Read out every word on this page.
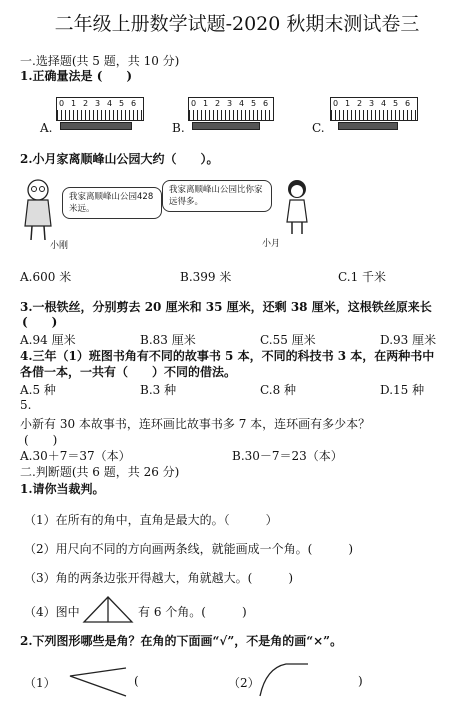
二年级上册数学试题-2020 秋期末测试卷三
一.选择题(共 5 题，共 10 分)
1.正确量法是 (　　)
A.
0 1 2 3 4 5 6
B.
0 1 2 3 4 5 6
C.
0 1 2 3 4 5 6
2.小月家离顺峰山公园大约（　　）。
我家离顺峰山公园428 米远。
小刚
我家离顺峰山公园比你家远得多。
小月
A.600 米	B.399 米	C.1 千米
3.一根铁丝，分别剪去 20 厘米和 35 厘米，还剩 38 厘米，这根铁丝原来长
(　　)
A.94 厘米	B.83 厘米	C.55 厘米	D.93 厘米
4.三年（1）班图书角有不同的故事书 5 本，不同的科技书 3 本，在两种书中
各借一本，一共有（　　）不同的借法。
A.5 种	B.3 种	C.8 种	D.15 种
5.
小新有 30 本故事书，连环画比故事书多 7 本，连环画有多少本？
(　　)
A.30＋7＝37（本）	B.30－7＝23（本）
二.判断题(共 6 题，共 26 分)
1.请你当裁判。
（1）在所有的角中，直角是最大的。（　　　）
（2）用尺向不同的方向画两条线，就能画成一个角。(　　　)
（3）角的两条边张开得越大，角就越大。(　　　)
（4）图中	有 6 个角。(　　　)
2.下列图形哪些是角？在角的下面画“√”，不是角的画“×”。
（1）	(	（2）	)
